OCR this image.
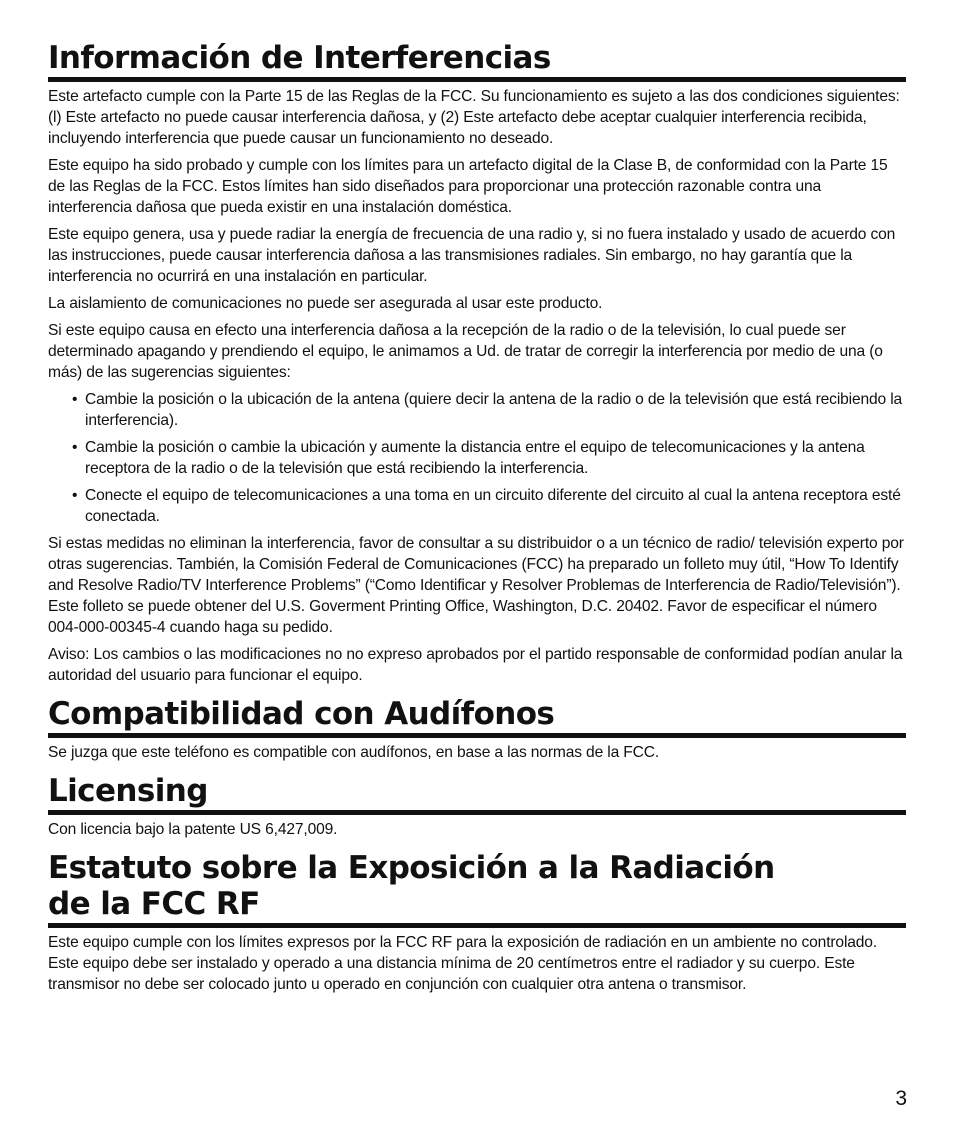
Información de Interferencias

Este artefacto cumple con la Parte 15 de las Reglas de la FCC. Su funcionamiento es sujeto a las dos condiciones siguientes: (l) Este artefacto no puede causar interferencia dañosa, y (2) Este artefacto debe aceptar cualquier interferencia recibida, incluyendo interferencia que puede causar un funcionamiento no deseado.

Este equipo ha sido probado y cumple con los límites para un artefacto digital de la Clase B, de conformidad con la Parte 15 de las Reglas de la FCC. Estos límites han sido diseñados para proporcionar una protección razonable contra una interferencia dañosa que pueda existir en una instalación doméstica.

Este equipo genera, usa y puede radiar la energía de frecuencia de una radio y, si no fuera instalado y usado de acuerdo con las instrucciones, puede causar interferencia dañosa a las transmisiones radiales. Sin embargo, no hay garantía que la interferencia no ocurrirá en una instalación en particular.

La aislamiento de comunicaciones no puede ser asegurada al usar este producto.

Si este equipo causa en efecto una interferencia dañosa a la recepción de la radio o de la televisión, lo cual puede ser determinado apagando y prendiendo el equipo, le animamos a Ud. de tratar de corregir la interferencia por medio de una (o más) de las sugerencias siguientes:

• Cambie la posición o la ubicación de la antena (quiere decir la antena de la radio o de la televisión que está recibiendo la interferencia).
• Cambie la posición o cambie la ubicación y aumente la distancia entre el equipo de telecomunicaciones y la antena receptora de la radio o de la televisión que está recibiendo la interferencia.
• Conecte el equipo de telecomunicaciones a una toma en un circuito diferente del circuito al cual la antena receptora esté conectada.

Si estas medidas no eliminan la interferencia, favor de consultar a su distribuidor o a un técnico de radio/ televisión experto por otras sugerencias. También, la Comisión Federal de Comunicaciones (FCC) ha preparado un folleto muy útil, “How To Identify and Resolve Radio/TV Interference Problems” (“Como Identificar y Resolver Problemas de Interferencia de Radio/Televisión”). Este folleto se puede obtener del U.S. Goverment Printing Office, Washington, D.C. 20402. Favor de especificar el número 004-000-00345-4 cuando haga su pedido.

Aviso: Los cambios o las modificaciones no no expreso aprobados por el partido responsable de conformidad podían anular la autoridad del usuario para funcionar el equipo.

Compatibilidad con Audífonos

Se juzga que este teléfono es compatible con audífonos, en base a las normas de la FCC.

Licensing

Con licencia bajo la patente US 6,427,009.

Estatuto sobre la Exposición a la Radiación
de la FCC RF

Este equipo cumple con los límites expresos por la FCC RF para la exposición de radiación en un ambiente no controlado. Este equipo debe ser instalado y operado a una distancia mínima de 20 centímetros entre el radiador y su cuerpo. Este transmisor no debe ser colocado junto u operado en conjunción con cualquier otra antena o transmisor.

3
